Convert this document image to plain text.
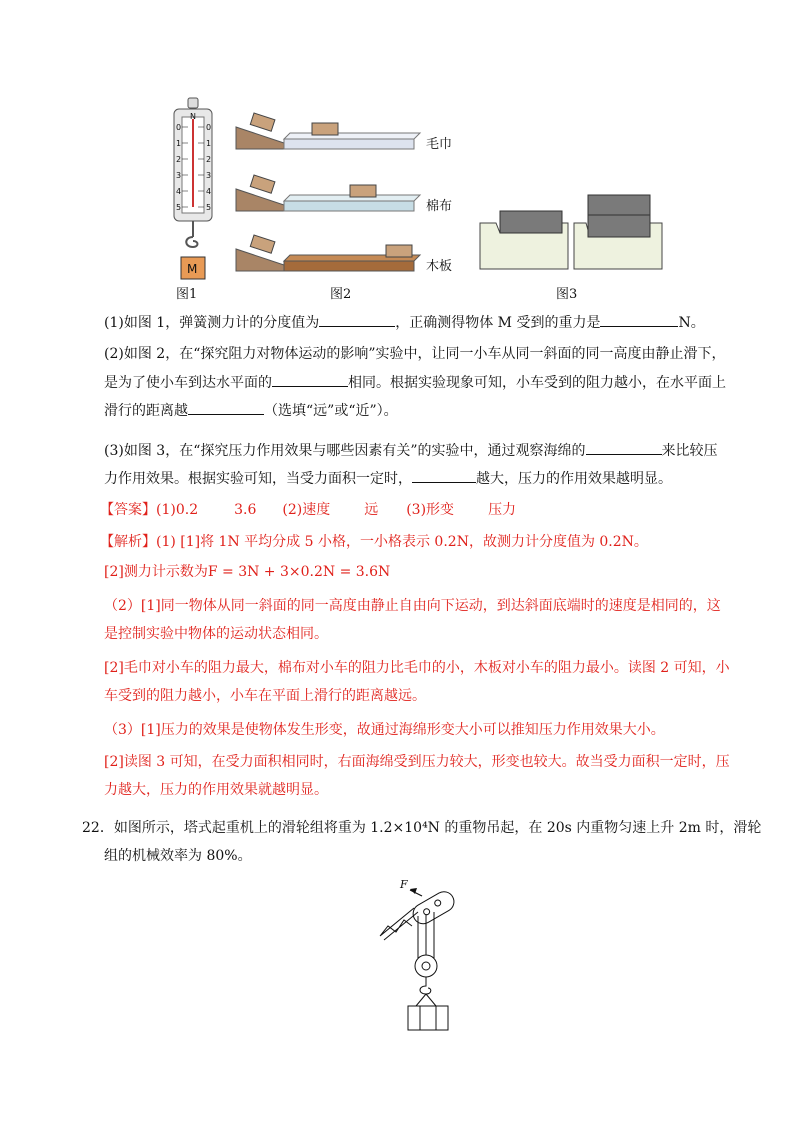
N
0	0
1	1
2	2
3	3
4	4
5	5
M
图1
毛巾
棉布
木板
图2	图3
(1)如图 1，弹簧测力计的分度值为	，正确测得物体 M 受到的重力是	N。
(2)如图 2，在“探究阻力对物体运动的影响”实验中，让同一小车从同一斜面的同一高度由静止滑下，
是为了使小车到达水平面的	相同。根据实验现象可知，小车受到的阻力越小，在水平面上
滑行的距离越	（选填“远”或“近”）。
(3)如图 3，在“探究压力作用效果与哪些因素有关”的实验中，通过观察海绵的	来比较压
力作用效果。根据实验可知，当受力面积一定时，	越大，压力的作用效果越明显。
【答案】(1)0.2	3.6 (2)速度 远 (3)形变 压力
【解析】(1) [1]将 1N 平均分成 5 小格，一小格表示 0.2N，故测力计分度值为 0.2N。
[2]测力计示数为F = 3N + 3×0.2N = 3.6N
（2）[1]同一物体从同一斜面的同一高度由静止自由向下运动，到达斜面底端时的速度是相同的，这
是控制实验中物体的运动状态相同。
[2]毛巾对小车的阻力最大，棉布对小车的阻力比毛巾的小，木板对小车的阻力最小。读图 2 可知，小
车受到的阻力越小，小车在平面上滑行的距离越远。
（3）[1]压力的效果是使物体发生形变，故通过海绵形变大小可以推知压力作用效果大小。
[2]读图 3 可知，在受力面积相同时，右面海绵受到压力较大，形变也较大。故当受力面积一定时，压
力越大，压力的作用效果就越明显。
22．如图所示，塔式起重机上的滑轮组将重为 1.2×10⁴N 的重物吊起，在 20s 内重物匀速上升 2m 时，滑轮
组的机械效率为 80%。
F
